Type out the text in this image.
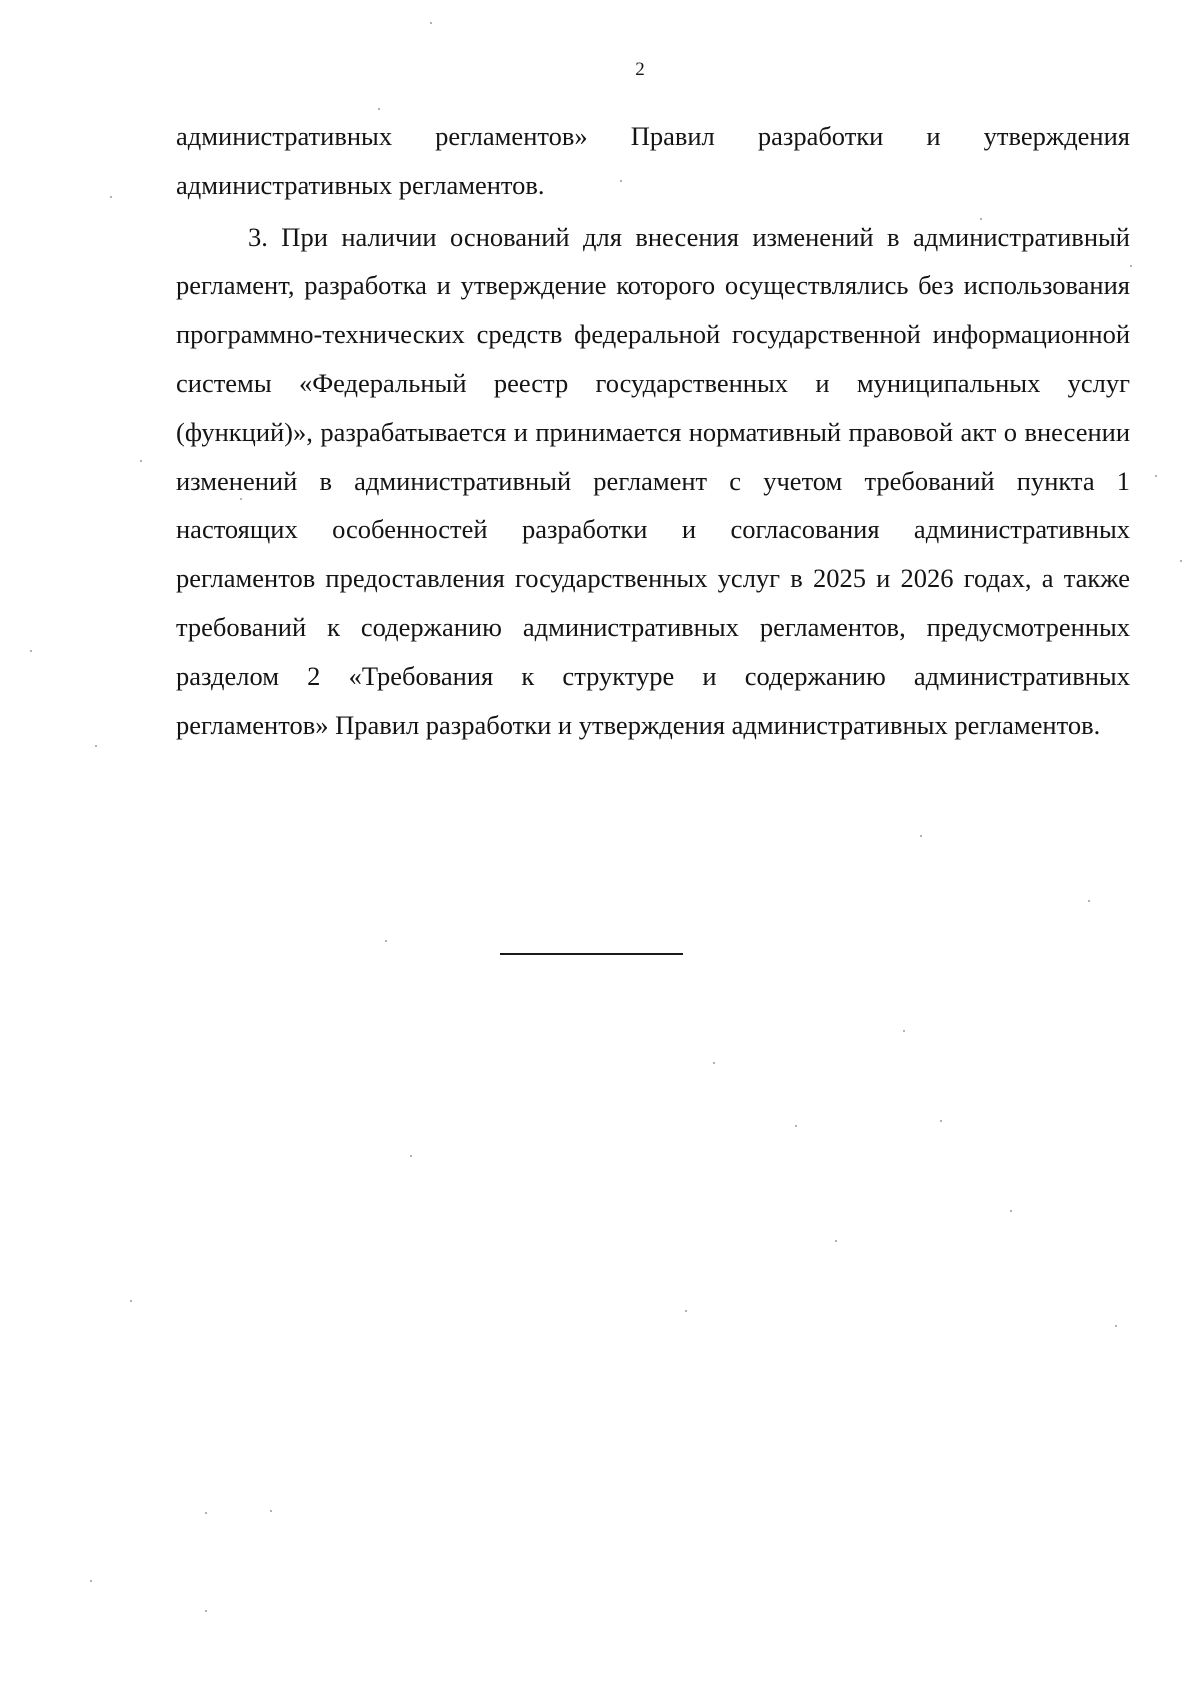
2

административных регламентов» Правил разработки и утверждения административных регламентов.

3. При наличии оснований для внесения изменений в административный регламент, разработка и утверждение которого осуществлялись без использования программно-технических средств федеральной государственной информационной системы «Федеральный реестр государственных и муниципальных услуг (функций)», разрабатывается и принимается нормативный правовой акт о внесении изменений в административный регламент с учетом требований пункта 1 настоящих особенностей разработки и согласования административных регламентов предоставления государственных услуг в 2025 и 2026 годах, а также требований к содержанию административных регламентов, предусмотренных разделом 2 «Требования к структуре и содержанию административных регламентов» Правил разработки и утверждения административных регламентов.
